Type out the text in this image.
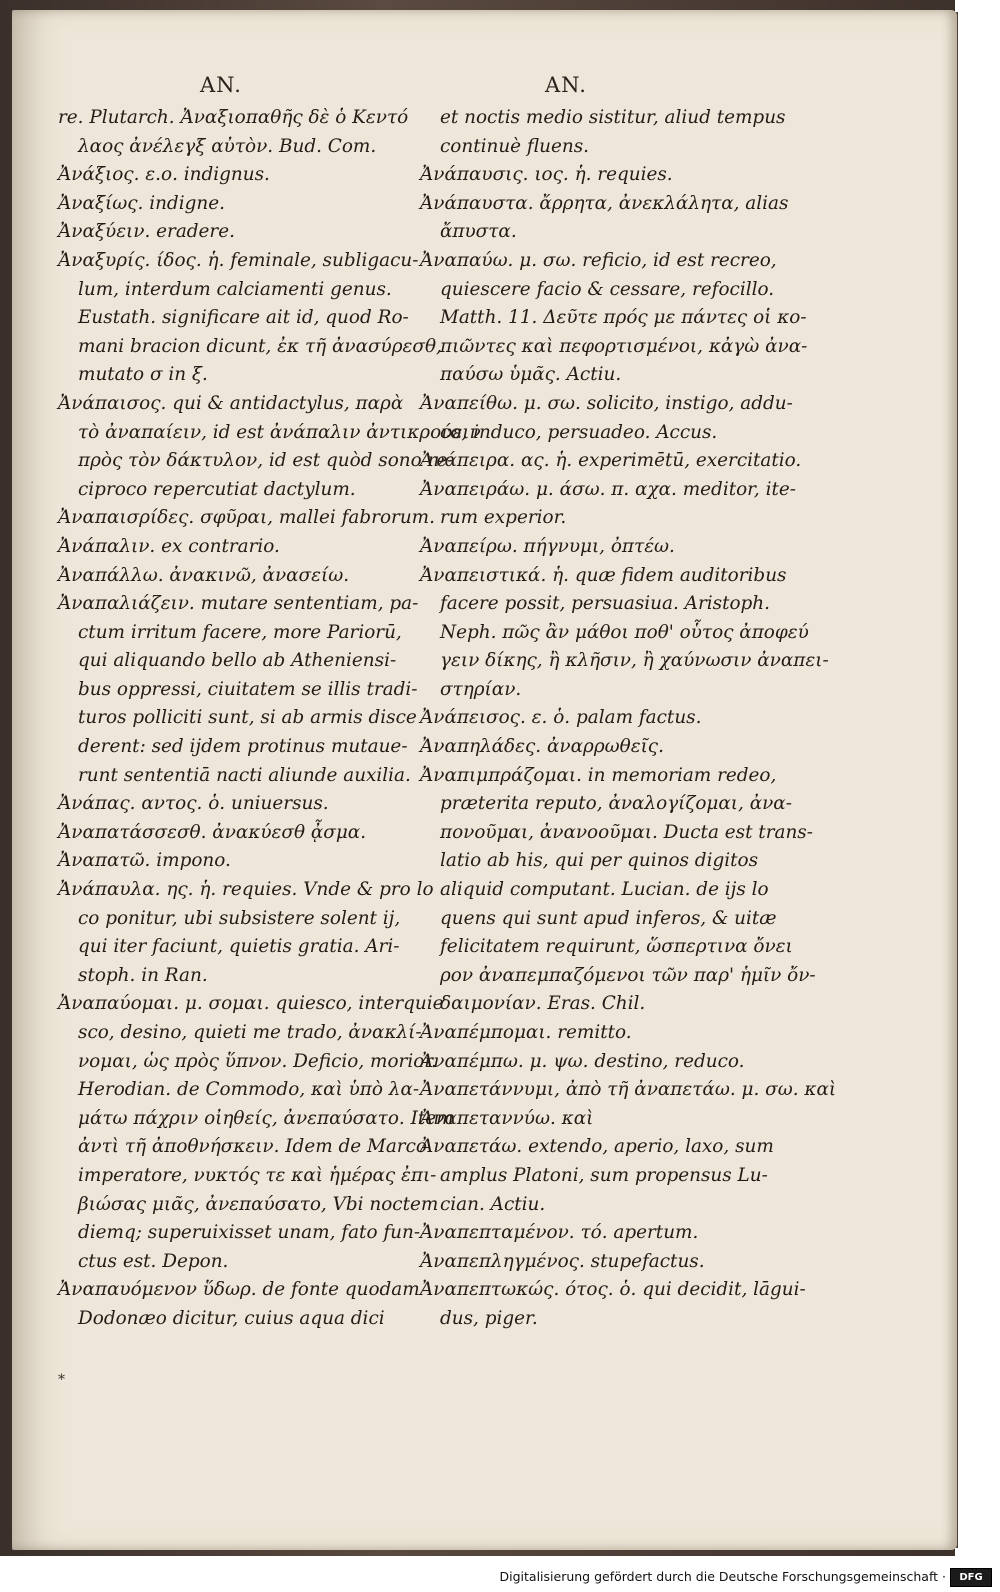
AN.	AN.
re. Plutarch. Ἀναξιοπαθῆς δὲ ὁ Κεντό
λαος ἀνέλεγξ αὐτὸν. Bud. Com.
Ἀνάξιος. ε.ο. indignus.
Ἀναξίως. indigne.
Ἀναξύειν. eradere.
Ἀναξυρίς. ίδος. ἡ. feminale, subligacu-
lum, interdum calciamenti genus.
Eustath. significare ait id, quod Ro-
mani bracion dicunt, ἐκ τῆ ἀνασύρεσθ,
mutato σ in ξ.
Ἀνάπαισος. qui & antidactylus, παρὰ
τὸ ἀναπαίειν, id est ἀνάπαλιν ἀντικρούειν
πρὸς τὸν δάκτυλον, id est quòd sono re-
ciproco repercutiat dactylum.
Ἀναπαισρίδες. σφῦραι, mallei fabrorum.
Ἀνάπαλιν. ex contrario.
Ἀναπάλλω. ἀνακινῶ, ἀνασείω.
Ἀναπαλιάζειν. mutare sententiam, pa-
ctum irritum facere, more Pariorū,
qui aliquando bello ab Atheniensi-
bus oppressi, ciuitatem se illis tradi-
turos polliciti sunt, si ab armis disce
derent: sed ijdem protinus mutaue-
runt sententiā nacti aliunde auxilia.
Ἀνάπας. αντος. ὁ. uniuersus.
Ἀναπατάσσεσθ. ἀνακύεσθ ᾆσμα.
Ἀναπατῶ. impono.
Ἀνάπαυλα. ης. ἡ. requies. Vnde & pro lo
co ponitur, ubi subsistere solent ij,
qui iter faciunt, quietis gratia. Ari-
stoph. in Ran.
Ἀναπαύομαι. μ. σομαι. quiesco, interquie
sco, desino, quieti me trado, ἀνακλί-
νομαι, ὡς πρὸς ὕπνον. Deficio, morior.
Herodian. de Commodo, καὶ ὑπὸ λα-
μάτω πάχριν οἰηθείς, ἀνεπαύσατο. Item
ἀντὶ τῆ ἀποθνήσκειν. Idem de Marco
imperatore, νυκτός τε καὶ ἡμέρας ἐπι-
βιώσας μιᾶς, ἀνεπαύσατο, Vbi noctem
diemq; superuixisset unam, fato fun-
ctus est. Depon.
Ἀναπαυόμενον ὕδωρ. de fonte quodam
Dodonæo dicitur, cuius aqua dici
et noctis medio sistitur, aliud tempus
continuè fluens.
Ἀνάπαυσις. ιος. ἡ. requies.
Ἀνάπαυστα. ἄρρητα, ἀνεκλάλητα, alias
ἄπυστα.
Ἀναπαύω. μ. σω. reficio, id est recreo,
quiescere facio & cessare, refocillo.
Matth. 11. Δεῦτε πρός με πάντες οἱ κο-
πιῶντες καὶ πεφορτισμένοι, κἀγὼ ἀνα-
παύσω ὑμᾶς. Actiu.
Ἀναπείθω. μ. σω. solicito, instigo, addu-
co, induco, persuadeo. Accus.
Ἀνάπειρα. ας. ἡ. experimētū, exercitatio.
Ἀναπειράω. μ. άσω. π. αχα. meditor, ite-
rum experior.
Ἀναπείρω. πήγνυμι, ὀπτέω.
Ἀναπειστικά. ἡ. quæ fidem auditoribus
facere possit, persuasiua. Aristoph.
Neph. πῶς ἂν μάθοι ποθ' οὗτος ἀποφεύ
γειν δίκης, ἢ κλῆσιν, ἢ χαύνωσιν ἀναπει-
στηρίαν.
Ἀνάπεισος. ε. ὁ. palam factus.
Ἀναπηλάδες. ἀναρρωθεῖς.
Ἀναπιμπράζομαι. in memoriam redeo,
præterita reputo, ἀναλογίζομαι, ἀνα-
πονοῦμαι, ἀνανοοῦμαι. Ducta est trans-
latio ab his, qui per quinos digitos
aliquid computant. Lucian. de ijs lo
quens qui sunt apud inferos, & uitæ
felicitatem requirunt, ὥσπερτινα ὄνει
ρον ἀναπεμπαζόμενοι τῶν παρ' ἡμῖν ὄν-
δαιμονίαν. Eras. Chil.
Ἀναπέμπομαι. remitto.
Ἀναπέμπω. μ. ψω. destino, reduco.
Ἀναπετάννυμι, ἀπὸ τῆ ἀναπετάω. μ. σω. καὶ
Ἀναπεταννύω. καὶ
Ἀναπετάω. extendo, aperio, laxo, sum
amplus Platoni, sum propensus Lu-
cian. Actiu.
Ἀναπεπταμένον. τό. apertum.
Ἀναπεπληγμένος. stupefactus.
Ἀναπεπτωκώς. ότος. ὁ. qui decidit, lāgui-
dus, piger.
*
Digitalisierung gefördert durch die Deutsche Forschungsgemeinschaft ·	DFG
